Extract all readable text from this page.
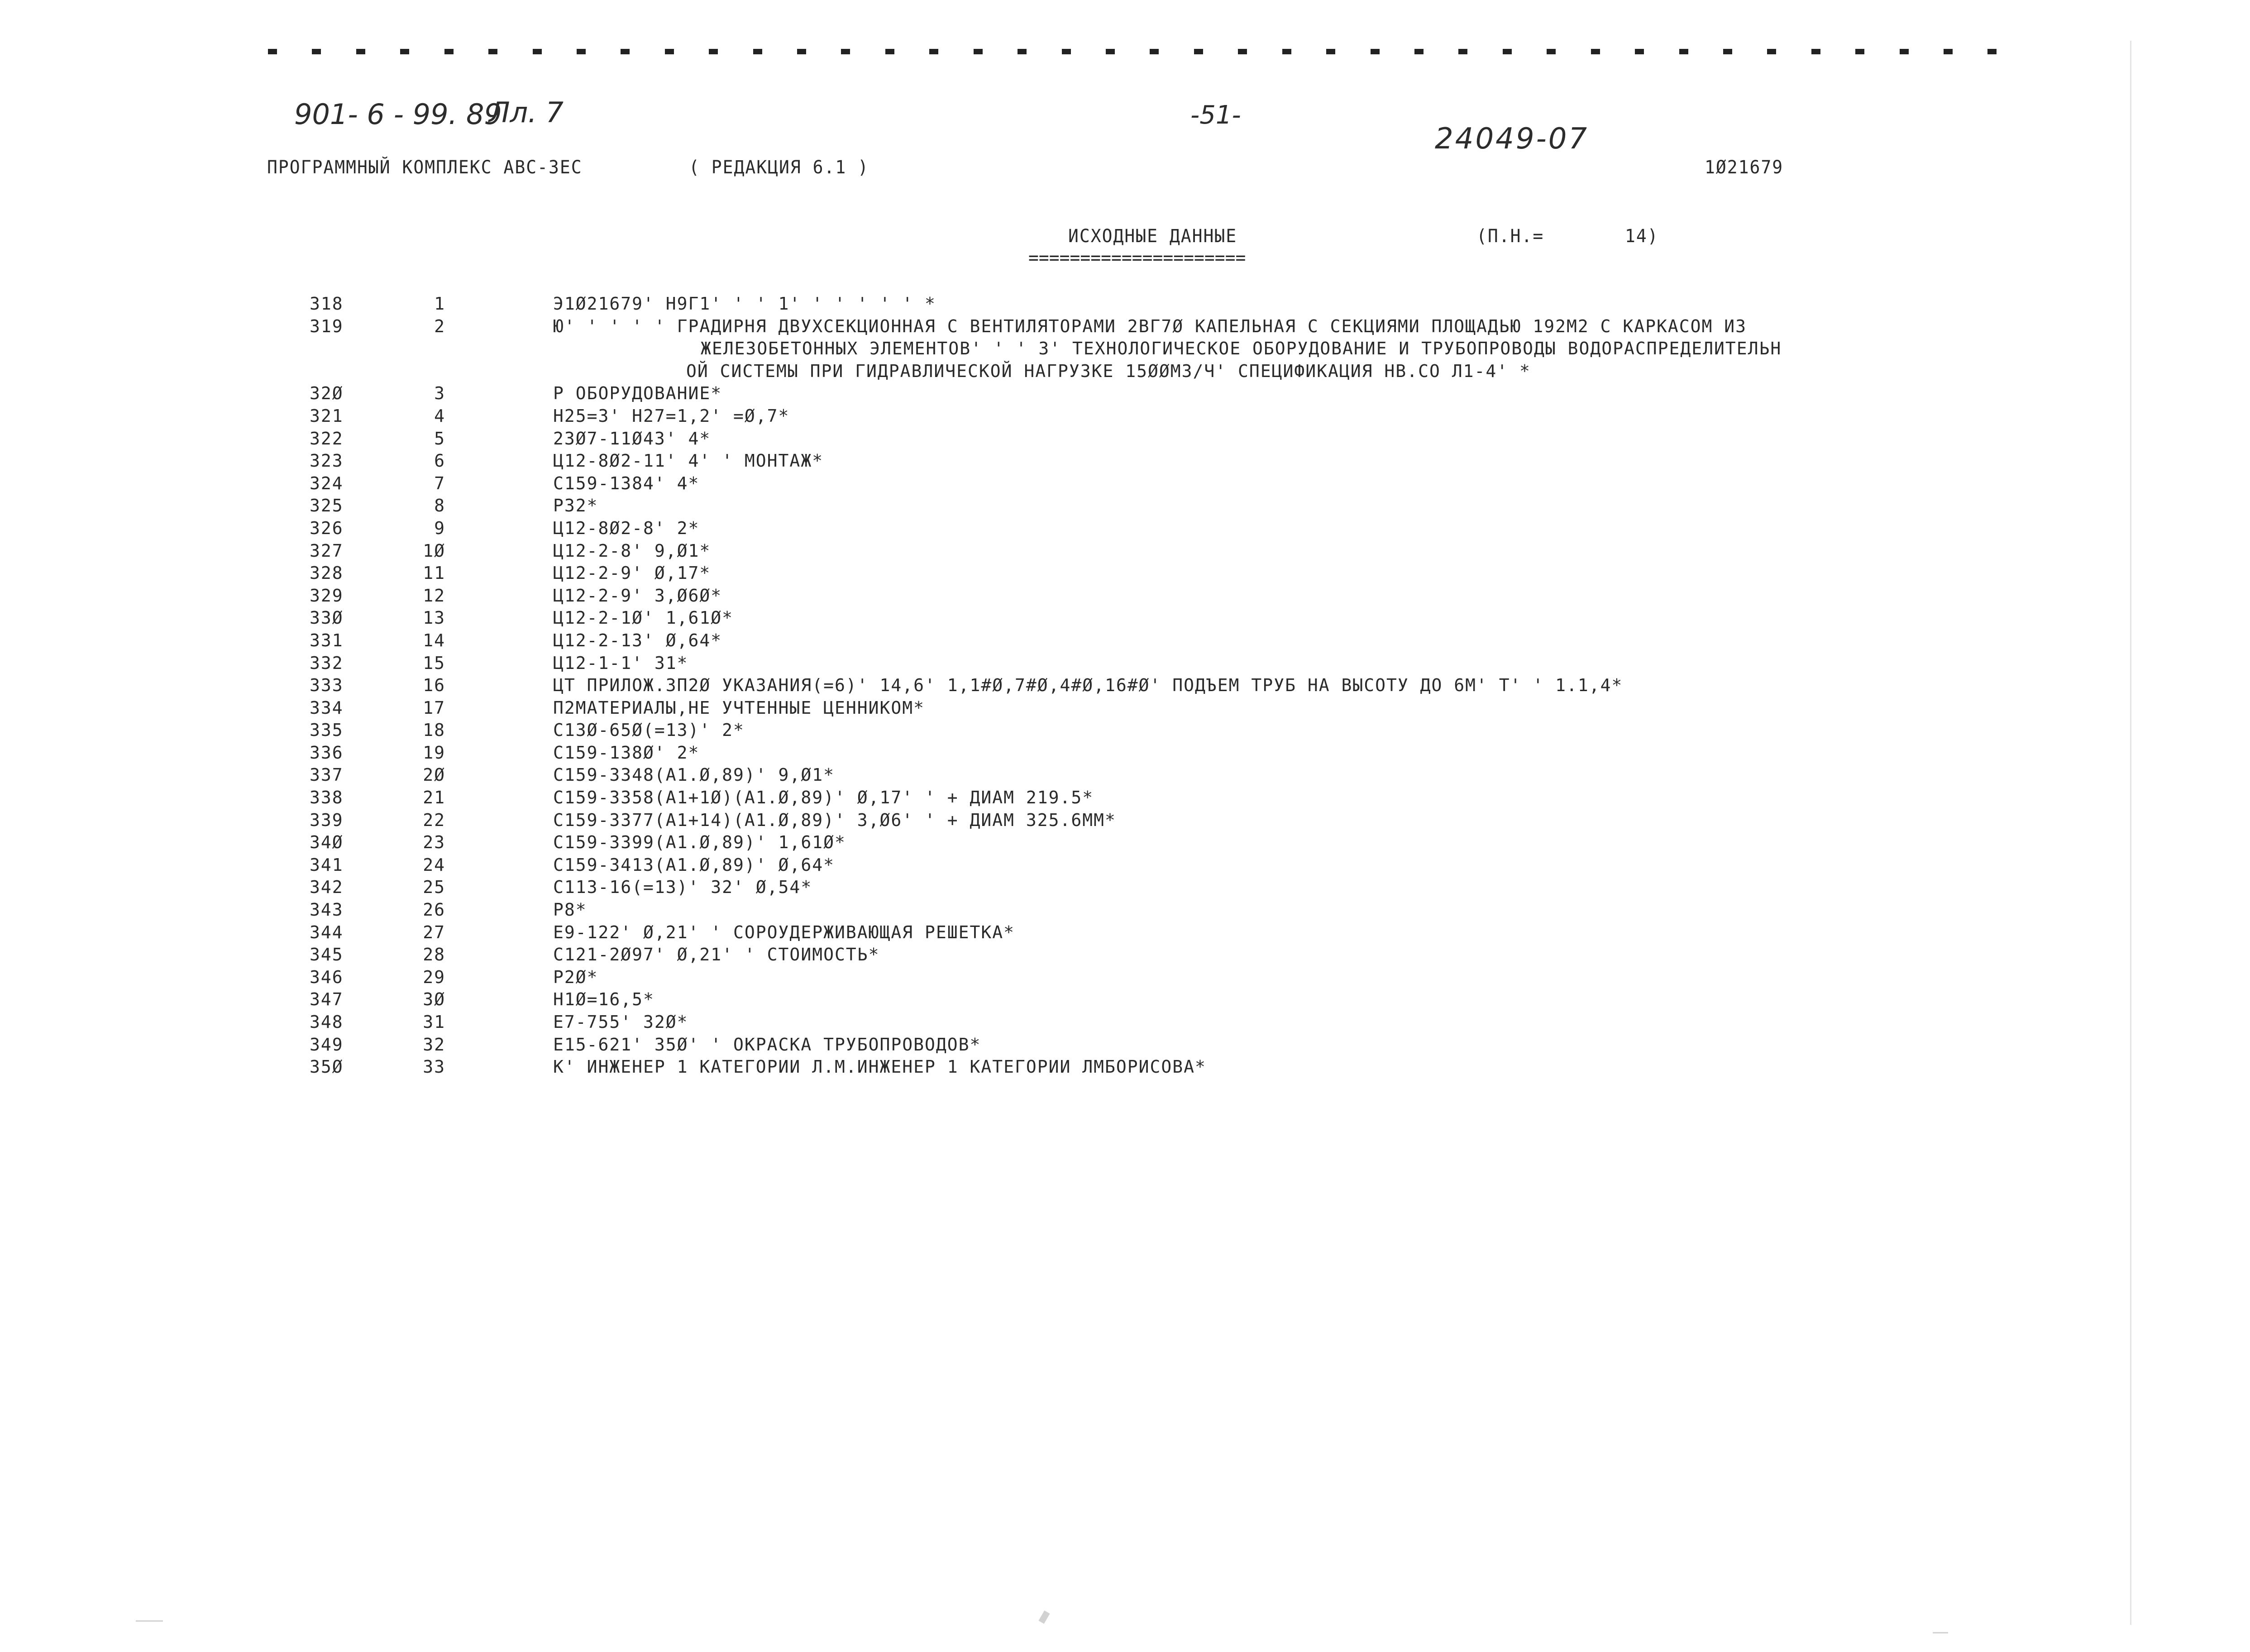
901- 6 - 99. 89
Лл. 7	-51-
24049-07
ПРОГРАММНЫЙ КОМПЛЕКС АВС-3ЕС	( РЕДАКЦИЯ 6.1 )	1Ø21679
ИСХОДНЫЕ ДАННЫЕ
=====================
(П.Н.=	14)
318	1	Э1Ø21679' Н9Г1' ' ' 1' ' ' ' ' ' *
319	2	Ю' ' ' ' ' ГРАДИРНЯ ДВУХСЕКЦИОННАЯ С ВЕНТИЛЯТОРАМИ 2ВГ7Ø КАПЕЛЬНАЯ С СЕКЦИЯМИ ПЛОЩАДЬЮ 192М2 С КАРКАСОМ ИЗ
ЖЕЛЕЗОБЕТОННЫХ ЭЛЕМЕНТОВ' ' ' 3' ТЕХНОЛОГИЧЕСКОЕ ОБОРУДОВАНИЕ И ТРУБОПРОВОДЫ ВОДОРАСПРЕДЕЛИТЕЛЬН
ОЙ СИСТЕМЫ ПРИ ГИДРАВЛИЧЕСКОЙ НАГРУЗКЕ 15ØØМ3/Ч' СПЕЦИФИКАЦИЯ НВ.СО Л1-4' *
32Ø	3	Р ОБОРУДОВАНИЕ*
321	4	Н25=3' Н27=1,2' =Ø,7*
322	5	23Ø7-11Ø43' 4*
323	6	Ц12-8Ø2-11' 4' ' МОНТАЖ*
324	7	С159-1384' 4*
325	8	Р32*
326	9	Ц12-8Ø2-8' 2*
327	1Ø	Ц12-2-8' 9,Ø1*
328	11	Ц12-2-9' Ø,17*
329	12	Ц12-2-9' 3,Ø6Ø*
33Ø	13	Ц12-2-1Ø' 1,61Ø*
331	14	Ц12-2-13' Ø,64*
332	15	Ц12-1-1' 31*
333	16	ЦТ ПРИЛОЖ.3П2Ø УКАЗАНИЯ(=6)' 14,6' 1,1#Ø,7#Ø,4#Ø,16#Ø' ПОДЪЕМ ТРУБ НА ВЫСОТУ ДО 6М' Т' ' 1.1,4*
334	17	П2МАТЕРИАЛЫ,НЕ УЧТЕННЫЕ ЦЕННИКОМ*
335	18	С13Ø-65Ø(=13)' 2*
336	19	С159-138Ø' 2*
337	2Ø	С159-3348(А1.Ø,89)' 9,Ø1*
338	21	С159-3358(А1+1Ø)(А1.Ø,89)' Ø,17' ' + ДИАМ 219.5*
339	22	С159-3377(А1+14)(А1.Ø,89)' 3,Ø6' ' + ДИАМ 325.6ММ*
34Ø	23	С159-3399(А1.Ø,89)' 1,61Ø*
341	24	С159-3413(А1.Ø,89)' Ø,64*
342	25	С113-16(=13)' 32' Ø,54*
343	26	Р8*
344	27	Е9-122' Ø,21' ' СОРОУДЕРЖИВАЮЩАЯ РЕШЕТКА*
345	28	С121-2Ø97' Ø,21' ' СТОИМОСТЬ*
346	29	Р2Ø*
347	3Ø	Н1Ø=16,5*
348	31	Е7-755' 32Ø*
349	32	Е15-621' 35Ø' ' ОКРАСКА ТРУБОПРОВОДОВ*
35Ø	33	К' ИНЖЕНЕР 1 КАТЕГОРИИ Л.М.ИНЖЕНЕР 1 КАТЕГОРИИ ЛМБОРИСОВА*
